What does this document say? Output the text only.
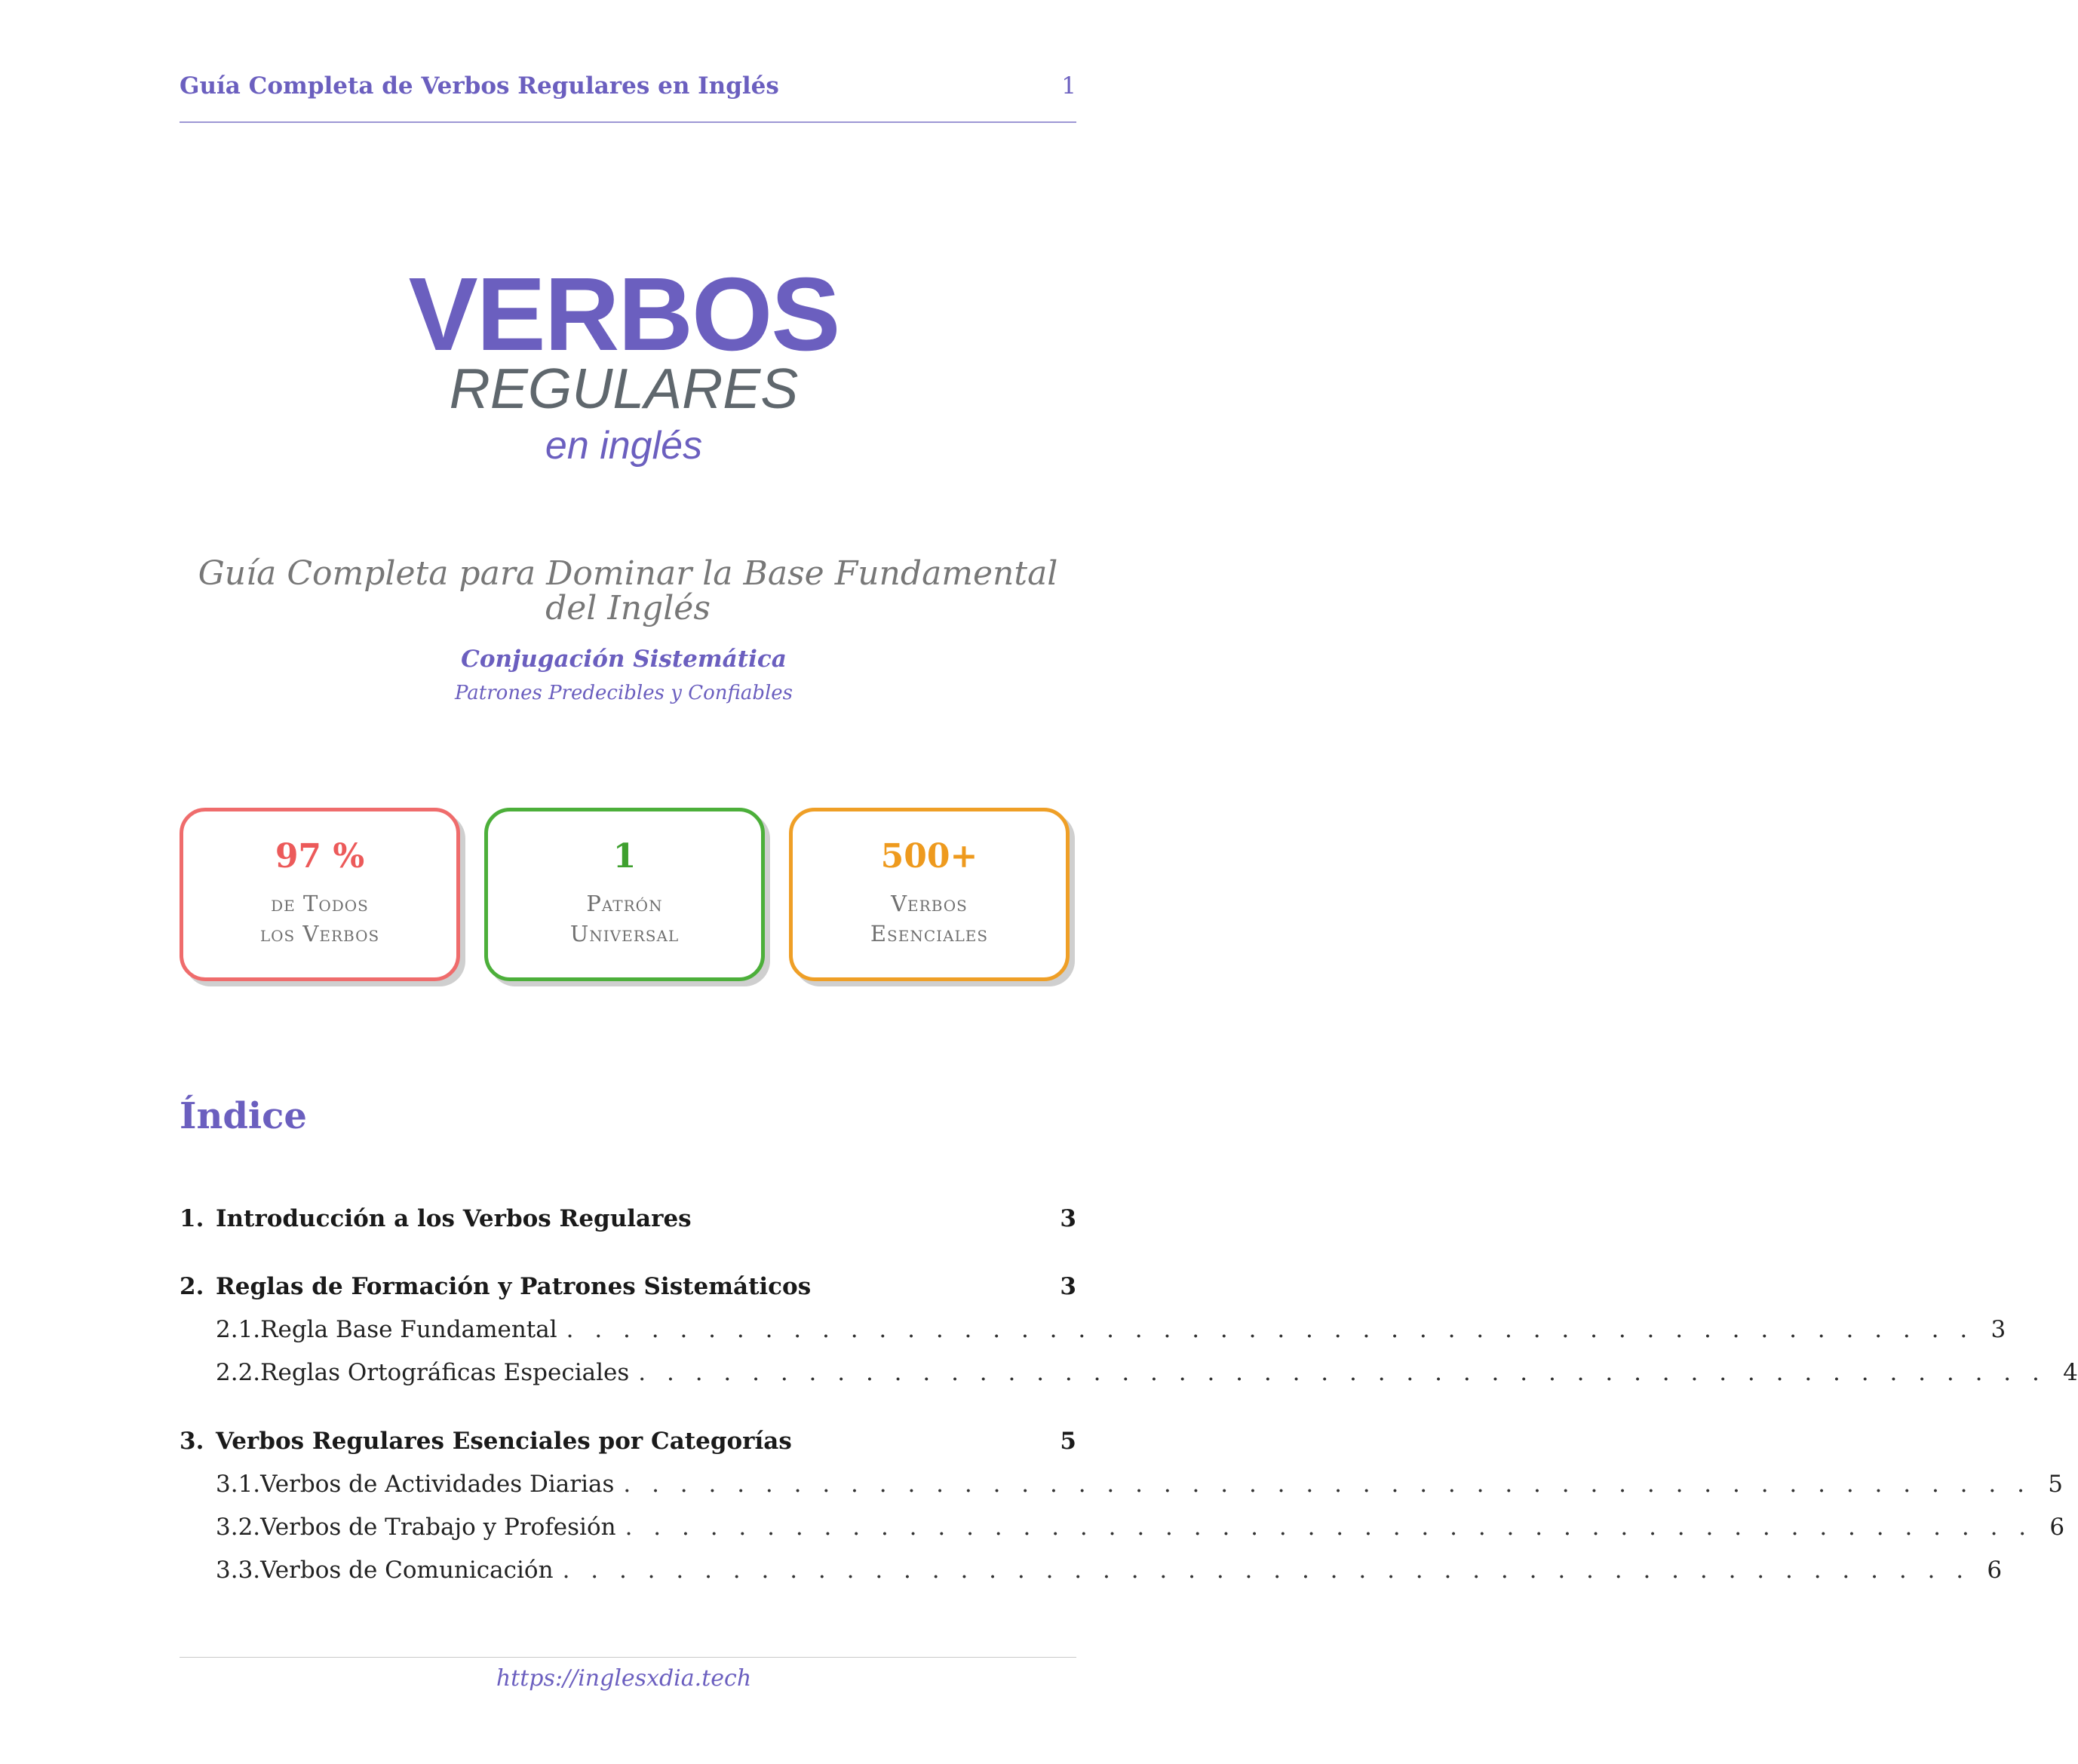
Guía Completa de Verbos Regulares en Inglés	1
VERBOS
REGULARES
en inglés
Guía Completa para Dominar la Base Fundamental del Inglés
Conjugación Sistemática
Patrones Predecibles y Confiables
97 %
de Todos
los Verbos
1
Patrón
Universal
500+
Verbos
Esenciales
Índice
1. Introducción a los Verbos Regulares	3
2. Reglas de Formación y Patrones Sistemáticos	3
2.1. Regla Base Fundamental . . . . . . . . . . . . . . . . . . . . . . . . . . . . . . . . . . . . . . . . . . . . . . . . . . 3
2.2. Reglas Ortográficas Especiales . . . . . . . . . . . . . . . . . . . . . . . . . . . . . . . . . . . . . . . . . . . . . . . . . . 4
3. Verbos Regulares Esenciales por Categorías	5
3.1. Verbos de Actividades Diarias . . . . . . . . . . . . . . . . . . . . . . . . . . . . . . . . . . . . . . . . . . . . . . . . . . 5
3.2. Verbos de Trabajo y Profesión . . . . . . . . . . . . . . . . . . . . . . . . . . . . . . . . . . . . . . . . . . . . . . . . . . 6
3.3. Verbos de Comunicación . . . . . . . . . . . . . . . . . . . . . . . . . . . . . . . . . . . . . . . . . . . . . . . . . . 6
https://inglesxdia.tech
